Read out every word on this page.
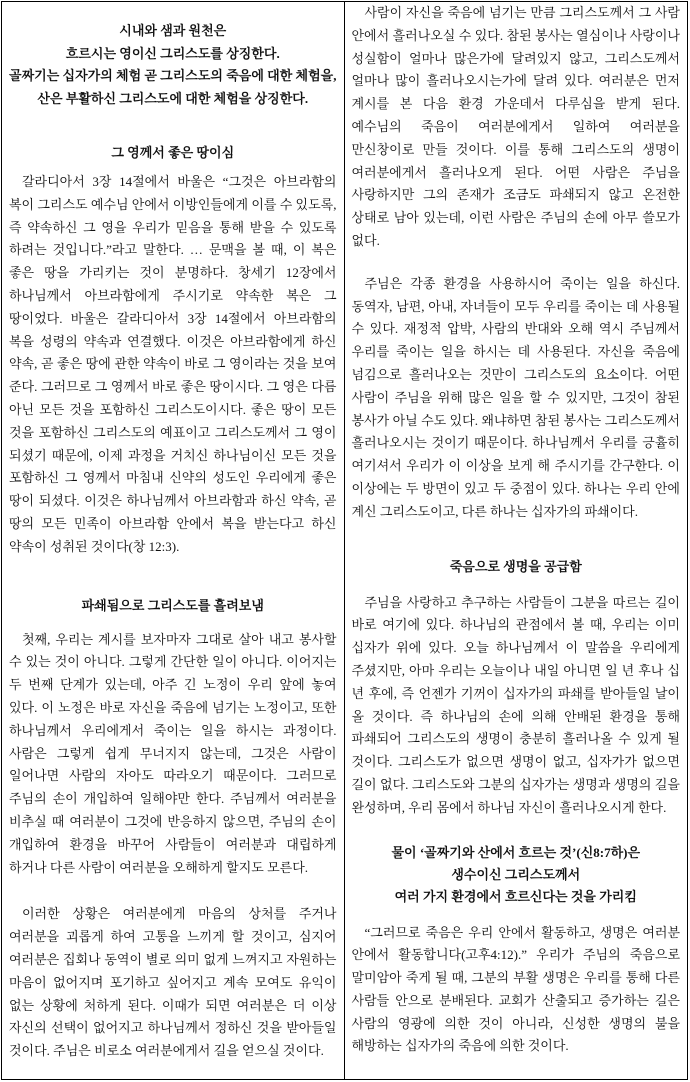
시내와 샘과 원천은
흐르시는 영이신 그리스도를 상징한다.
골짜기는 십자가의 체험 곧 그리스도의 죽음에 대한 체험을,
산은 부활하신 그리스도에 대한 체험을 상징한다.
그 영께서 좋은 땅이심

갈라디아서 3장 14절에서 바울은 “그것은 아브라함의 복이 그리스도 예수님 안에서 이방인들에게 이를 수 있도록, 즉 약속하신 그 영을 우리가 믿음을 통해 받을 수 있도록 하려는 것입니다.”라고 말한다. … 문맥을 볼 때, 이 복은 좋은 땅을 가리키는 것이 분명하다. 창세기 12장에서 하나님께서 아브라함에게 주시기로 약속한 복은 그 땅이었다. 바울은 갈라디아서 3장 14절에서 아브라함의 복을 성령의 약속과 연결했다. 이것은 아브라함에게 하신 약속, 곧 좋은 땅에 관한 약속이 바로 그 영이라는 것을 보여 준다. 그러므로 그 영께서 바로 좋은 땅이시다. 그 영은 다름 아닌 모든 것을 포함하신 그리스도이시다. 좋은 땅이 모든 것을 포함하신 그리스도의 예표이고 그리스도께서 그 영이 되셨기 때문에, 이제 과정을 거치신 하나님이신 모든 것을 포함하신 그 영께서 마침내 신약의 성도인 우리에게 좋은 땅이 되셨다. 이것은 하나님께서 아브라함과 하신 약속, 곧 땅의 모든 민족이 아브라함 안에서 복을 받는다고 하신 약속이 성취된 것이다(창 12:3).

파쇄됨으로 그리스도를 흘려보냄

첫째, 우리는 계시를 보자마자 그대로 살아 내고 봉사할 수 있는 것이 아니다. 그렇게 간단한 일이 아니다. 이어지는 두 번째 단계가 있는데, 아주 긴 노정이 우리 앞에 놓여 있다. 이 노정은 바로 자신을 죽음에 넘기는 노정이고, 또한 하나님께서 우리에게서 죽이는 일을 하시는 과정이다. 사람은 그렇게 쉽게 무너지지 않는데, 그것은 사람이 일어나면 사람의 자아도 따라오기 때문이다. 그러므로 주님의 손이 개입하여 일해야만 한다. 주님께서 여러분을 비추실 때 여러분이 그것에 반응하지 않으면, 주님의 손이 개입하여 환경을 바꾸어 사람들이 여러분과 대립하게 하거나 다른 사람이 여러분을 오해하게 할지도 모른다.

이러한 상황은 여러분에게 마음의 상처를 주거나 여러분을 괴롭게 하여 고통을 느끼게 할 것이고, 심지어 여러분은 집회나 동역이 별로 의미 없게 느껴지고 자원하는 마음이 없어지며 포기하고 싶어지고 계속 모여도 유익이 없는 상황에 처하게 된다. 이때가 되면 여러분은 더 이상 자신의 선택이 없어지고 하나님께서 정하신 것을 받아들일 것이다. 주님은 비로소 여러분에게서 길을 얻으실 것이다.

사람이 자신을 죽음에 넘기는 만큼 그리스도께서 그 사람 안에서 흘러나오실 수 있다. 참된 봉사는 열심이나 사랑이나 성실함이 얼마나 많은가에 달려있지 않고, 그리스도께서 얼마나 많이 흘러나오시는가에 달려 있다. 여러분은 먼저 계시를 본 다음 환경 가운데서 다루심을 받게 된다. 예수님의 죽음이 여러분에게서 일하여 여러분을 만신창이로 만들 것이다. 이를 통해 그리스도의 생명이 여러분에게서 흘러나오게 된다. 어떤 사람은 주님을 사랑하지만 그의 존재가 조금도 파쇄되지 않고 온전한 상태로 남아 있는데, 이런 사람은 주님의 손에 아무 쓸모가 없다.

주님은 각종 환경을 사용하시어 죽이는 일을 하신다. 동역자, 남편, 아내, 자녀들이 모두 우리를 죽이는 데 사용될 수 있다. 재정적 압박, 사람의 반대와 오해 역시 주님께서 우리를 죽이는 일을 하시는 데 사용된다. 자신을 죽음에 넘김으로 흘러나오는 것만이 그리스도의 요소이다. 어떤 사람이 주님을 위해 많은 일을 할 수 있지만, 그것이 참된 봉사가 아닐 수도 있다. 왜냐하면 참된 봉사는 그리스도께서 흘러나오시는 것이기 때문이다. 하나님께서 우리를 긍휼히 여기셔서 우리가 이 이상을 보게 해 주시기를 간구한다. 이 이상에는 두 방면이 있고 두 중점이 있다. 하나는 우리 안에 계신 그리스도이고, 다른 하나는 십자가의 파쇄이다.

죽음으로 생명을 공급함

주님을 사랑하고 추구하는 사람들이 그분을 따르는 길이 바로 여기에 있다. 하나님의 관점에서 볼 때, 우리는 이미 십자가 위에 있다. 오늘 하나님께서 이 말씀을 우리에게 주셨지만, 아마 우리는 오늘이나 내일 아니면 일 년 후나 십 년 후에, 즉 언젠가 기꺼이 십자가의 파쇄를 받아들일 날이 올 것이다. 즉 하나님의 손에 의해 안배된 환경을 통해 파쇄되어 그리스도의 생명이 충분히 흘러나올 수 있게 될 것이다. 그리스도가 없으면 생명이 없고, 십자가가 없으면 길이 없다. 그리스도와 그분의 십자가는 생명과 생명의 길을 완성하며, 우리 몸에서 하나님 자신이 흘러나오시게 한다.

물이 ‘골짜기와 산에서 흐르는 것’(신8:7하)은
생수이신 그리스도께서
여러 가지 환경에서 흐르신다는 것을 가리킴

“그러므로 죽음은 우리 안에서 활동하고, 생명은 여러분 안에서 활동합니다(고후4:12).” 우리가 주님의 죽음으로 말미암아 죽게 될 때, 그분의 부활 생명은 우리를 통해 다른 사람들 안으로 분배된다. 교회가 산출되고 증가하는 길은 사람의 영광에 의한 것이 아니라, 신성한 생명의 불을 해방하는 십자가의 죽음에 의한 것이다.
